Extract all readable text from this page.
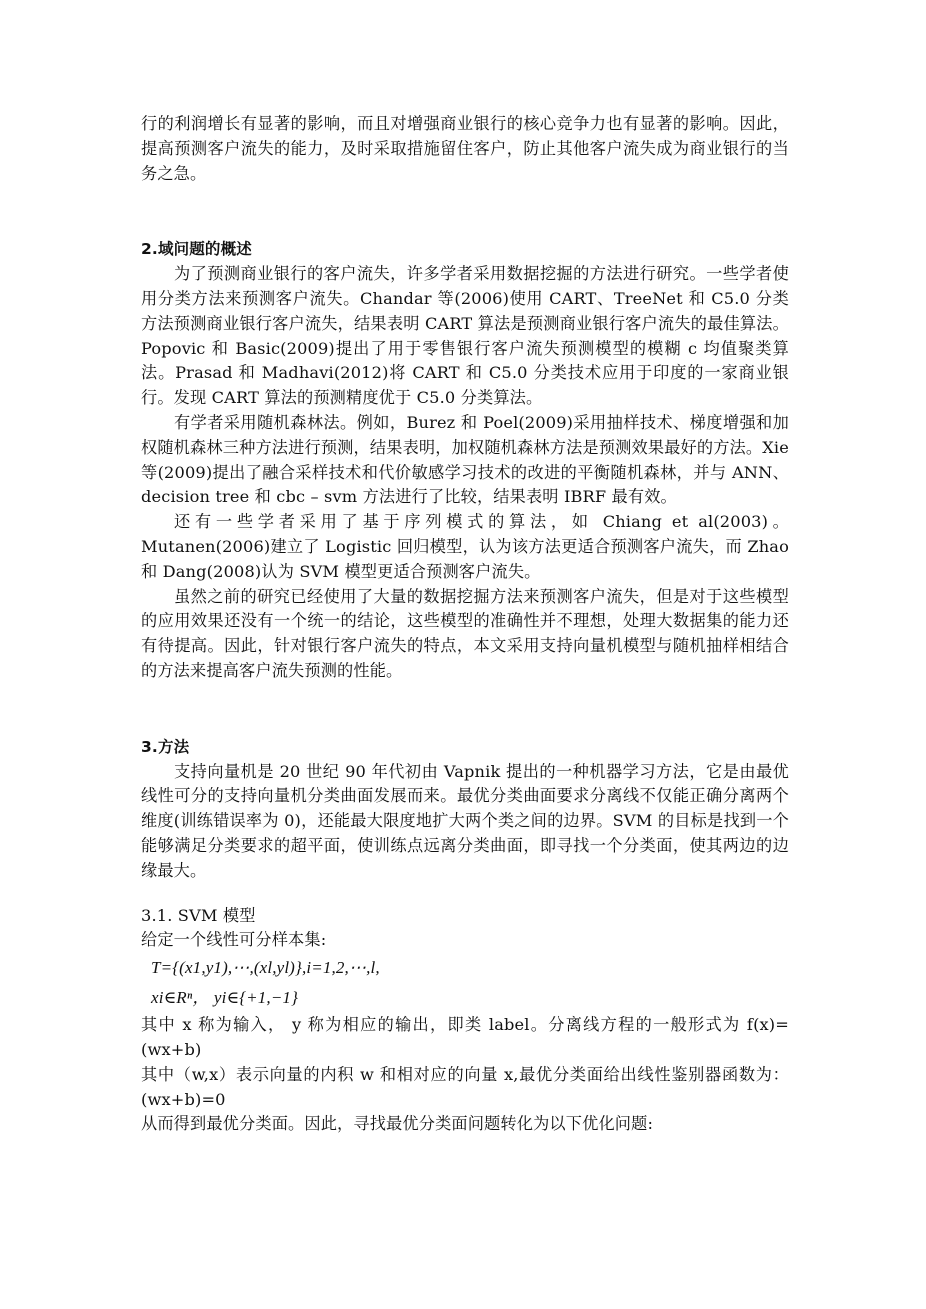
行的利润增长有显著的影响，而且对增强商业银行的核心竞争力也有显著的影响。因此，提高预测客户流失的能力，及时采取措施留住客户，防止其他客户流失成为商业银行的当务之急。

2.域问题的概述

为了预测商业银行的客户流失，许多学者采用数据挖掘的方法进行研究。一些学者使用分类方法来预测客户流失。Chandar 等(2006)使用 CART、TreeNet 和 C5.0 分类方法预测商业银行客户流失，结果表明 CART 算法是预测商业银行客户流失的最佳算法。Popovic 和 Basic(2009)提出了用于零售银行客户流失预测模型的模糊 c 均值聚类算法。Prasad 和 Madhavi(2012)将 CART 和 C5.0 分类技术应用于印度的一家商业银行。发现 CART 算法的预测精度优于 C5.0 分类算法。

有学者采用随机森林法。例如，Burez 和 Poel(2009)采用抽样技术、梯度增强和加权随机森林三种方法进行预测，结果表明，加权随机森林方法是预测效果最好的方法。Xie 等(2009)提出了融合采样技术和代价敏感学习技术的改进的平衡随机森林，并与 ANN、decision tree 和 cbc – svm 方法进行了比较，结果表明 IBRF 最有效。

还有一些学者采用了基于序列模式的算法，如 Chiang et al(2003)。Mutanen(2006)建立了 Logistic 回归模型，认为该方法更适合预测客户流失，而 Zhao 和 Dang(2008)认为 SVM 模型更适合预测客户流失。

虽然之前的研究已经使用了大量的数据挖掘方法来预测客户流失，但是对于这些模型的应用效果还没有一个统一的结论，这些模型的准确性并不理想，处理大数据集的能力还有待提高。因此，针对银行客户流失的特点，本文采用支持向量机模型与随机抽样相结合的方法来提高客户流失预测的性能。

3.方法

支持向量机是 20 世纪 90 年代初由 Vapnik 提出的一种机器学习方法，它是由最优线性可分的支持向量机分类曲面发展而来。最优分类曲面要求分离线不仅能正确分离两个维度(训练错误率为 0)，还能最大限度地扩大两个类之间的边界。SVM 的目标是找到一个能够满足分类要求的超平面，使训练点远离分类曲面，即寻找一个分类面，使其两边的边缘最大。

3.1. SVM 模型

给定一个线性可分样本集:

T={(x1,y1),⋯,(xl,yl)},i=1,2,⋯,l,
xi∈Rⁿ， yi∈{+1,−1}

其中 x 称为输入， y 称为相应的输出，即类 label。分离线方程的一般形式为 f(x)=(wx+b)

其中（w,x）表示向量的内积 w 和相对应的向量 x,最优分类面给出线性鉴别器函数为：(wx+b)=0

从而得到最优分类面。因此，寻找最优分类面问题转化为以下优化问题:
